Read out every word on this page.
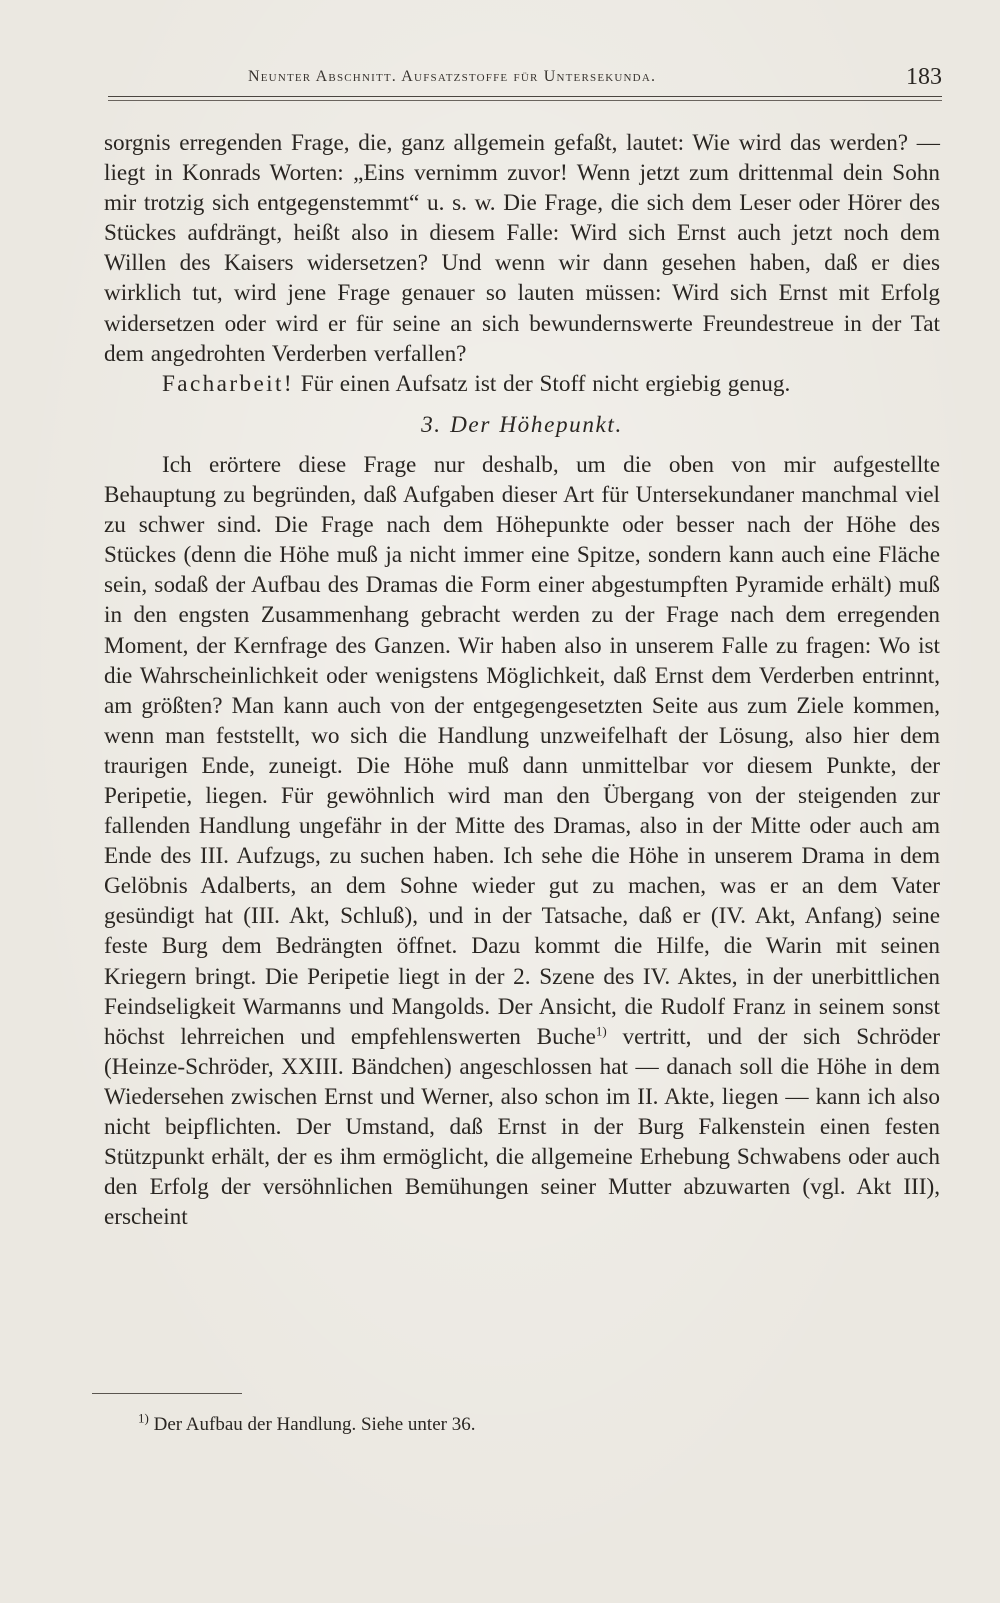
Neunter Abschnitt. Aufsatzstoffe für Untersekunda.	183

sorgnis erregenden Frage, die, ganz allgemein gefaßt, lautet: Wie wird das werden? — liegt in Konrads Worten: „Eins vernimm zuvor! Wenn jetzt zum drittenmal dein Sohn mir trotzig sich entgegenstemmt“ u. s. w. Die Frage, die sich dem Leser oder Hörer des Stückes aufdrängt, heißt also in diesem Falle: Wird sich Ernst auch jetzt noch dem Willen des Kaisers widersetzen? Und wenn wir dann gesehen haben, daß er dies wirklich tut, wird jene Frage genauer so lauten müssen: Wird sich Ernst mit Erfolg widersetzen oder wird er für seine an sich bewundernswerte Freundestreue in der Tat dem angedrohten Verderben verfallen?

Facharbeit! Für einen Aufsatz ist der Stoff nicht ergiebig genug.

3. Der Höhepunkt.

Ich erörtere diese Frage nur deshalb, um die oben von mir aufgestellte Behauptung zu begründen, daß Aufgaben dieser Art für Untersekundaner manchmal viel zu schwer sind. Die Frage nach dem Höhepunkte oder besser nach der Höhe des Stückes (denn die Höhe muß ja nicht immer eine Spitze, sondern kann auch eine Fläche sein, sodaß der Aufbau des Dramas die Form einer abgestumpften Pyramide erhält) muß in den engsten Zusammenhang gebracht werden zu der Frage nach dem erregenden Moment, der Kernfrage des Ganzen. Wir haben also in unserem Falle zu fragen: Wo ist die Wahrscheinlichkeit oder wenigstens Möglichkeit, daß Ernst dem Verderben entrinnt, am größten? Man kann auch von der entgegengesetzten Seite aus zum Ziele kommen, wenn man feststellt, wo sich die Handlung unzweifelhaft der Lösung, also hier dem traurigen Ende, zuneigt. Die Höhe muß dann unmittelbar vor diesem Punkte, der Peripetie, liegen. Für gewöhnlich wird man den Übergang von der steigenden zur fallenden Handlung ungefähr in der Mitte des Dramas, also in der Mitte oder auch am Ende des III. Aufzugs, zu suchen haben. Ich sehe die Höhe in unserem Drama in dem Gelöbnis Adalberts, an dem Sohne wieder gut zu machen, was er an dem Vater gesündigt hat (III. Akt, Schluß), und in der Tatsache, daß er (IV. Akt, Anfang) seine feste Burg dem Bedrängten öffnet. Dazu kommt die Hilfe, die Warin mit seinen Kriegern bringt. Die Peripetie liegt in der 2. Szene des IV. Aktes, in der unerbittlichen Feindseligkeit Warmanns und Mangolds. Der Ansicht, die Rudolf Franz in seinem sonst höchst lehrreichen und empfehlenswerten Buche$^{1)}$ vertritt, und der sich Schröder (Heinze-Schröder, XXIII. Bändchen) angeschlossen hat — danach soll die Höhe in dem Wiedersehen zwischen Ernst und Werner, also schon im II. Akte, liegen — kann ich also nicht beipflichten. Der Umstand, daß Ernst in der Burg Falkenstein einen festen Stützpunkt erhält, der es ihm ermöglicht, die allgemeine Erhebung Schwabens oder auch den Erfolg der versöhnlichen Bemühungen seiner Mutter abzuwarten (vgl. Akt III), erscheint

$^{1)}$ Der Aufbau der Handlung. Siehe unter 36.
